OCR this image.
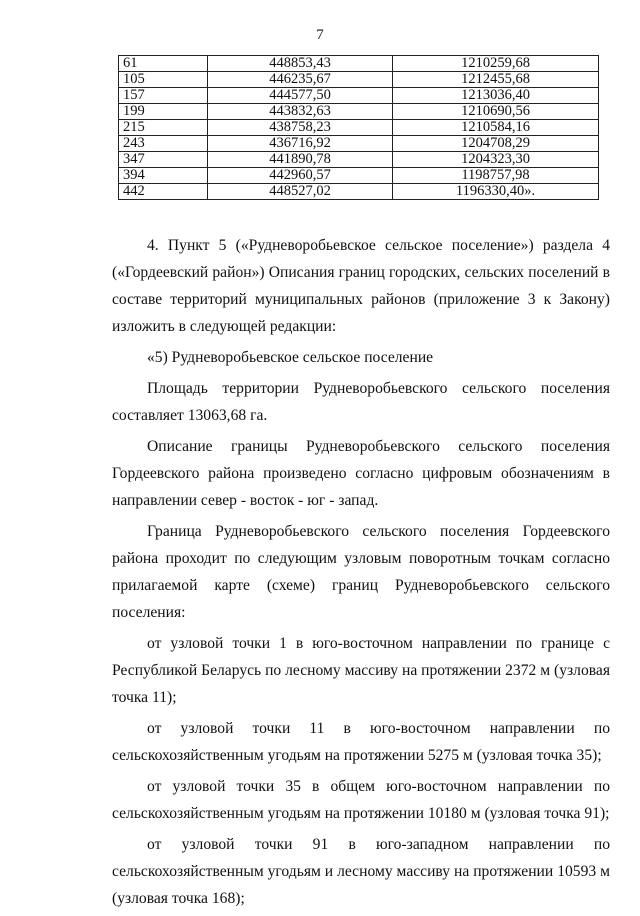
7
61	448853,43	1210259,68
105	446235,67	1212455,68
157	444577,50	1213036,40
199	443832,63	1210690,56
215	438758,23	1210584,16
243	436716,92	1204708,29
347	441890,78	1204323,30
394	442960,57	1198757,98
442	448527,02	1196330,40».

4. Пункт 5 («Рудневоробьевское сельское поселение») раздела 4 («Гордеевский район») Описания границ городских, сельских поселений в составе территорий муниципальных районов (приложение 3 к Закону) изложить в следующей редакции:

«5) Рудневоробьевское сельское поселение

Площадь территории Рудневоробьевского сельского поселения составляет 13063,68 га.

Описание границы Рудневоробьевского сельского поселения Гордеевского района произведено согласно цифровым обозначениям в направлении север - восток - юг - запад.

Граница Рудневоробьевского сельского поселения Гордеевского района проходит по следующим узловым поворотным точкам согласно прилагаемой карте (схеме) границ Рудневоробьевского сельского поселения:

от узловой точки 1 в юго-восточном направлении по границе с Республикой Беларусь по лесному массиву на протяжении 2372 м (узловая точка 11);

от узловой точки 11 в юго-восточном направлении по сельскохозяйственным угодьям на протяжении 5275 м (узловая точка 35);

от узловой точки 35 в общем юго-восточном направлении по сельскохозяйственным угодьям на протяжении 10180 м (узловая точка 91);

от узловой точки 91 в юго-западном направлении по сельскохозяйственным угодьям и лесному массиву на протяжении 10593 м (узловая точка 168);
